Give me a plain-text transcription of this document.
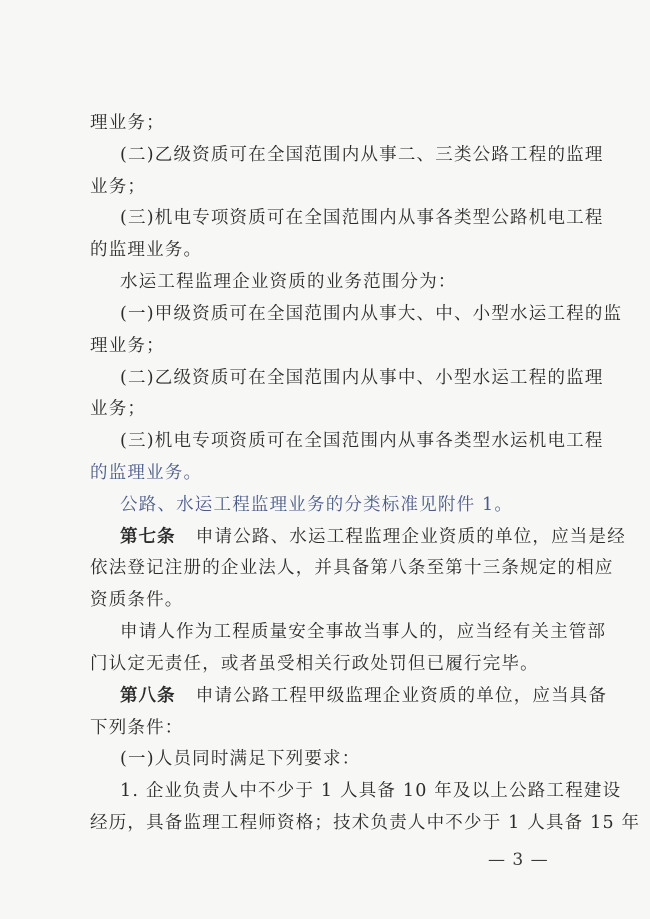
理业务；
(二)乙级资质可在全国范围内从事二、三类公路工程的监理
业务；
(三)机电专项资质可在全国范围内从事各类型公路机电工程
的监理业务。
水运工程监理企业资质的业务范围分为：
(一)甲级资质可在全国范围内从事大、中、小型水运工程的监
理业务；
(二)乙级资质可在全国范围内从事中、小型水运工程的监理
业务；
(三)机电专项资质可在全国范围内从事各类型水运机电工程
的监理业务。
公路、水运工程监理业务的分类标准见附件 1。
第七条 申请公路、水运工程监理企业资质的单位，应当是经
依法登记注册的企业法人，并具备第八条至第十三条规定的相应
资质条件。
申请人作为工程质量安全事故当事人的，应当经有关主管部
门认定无责任，或者虽受相关行政处罚但已履行完毕。
第八条 申请公路工程甲级监理企业资质的单位，应当具备
下列条件：
(一)人员同时满足下列要求：
1. 企业负责人中不少于 1 人具备 10 年及以上公路工程建设
经历，具备监理工程师资格；技术负责人中不少于 1 人具备 15 年
— 3 —
